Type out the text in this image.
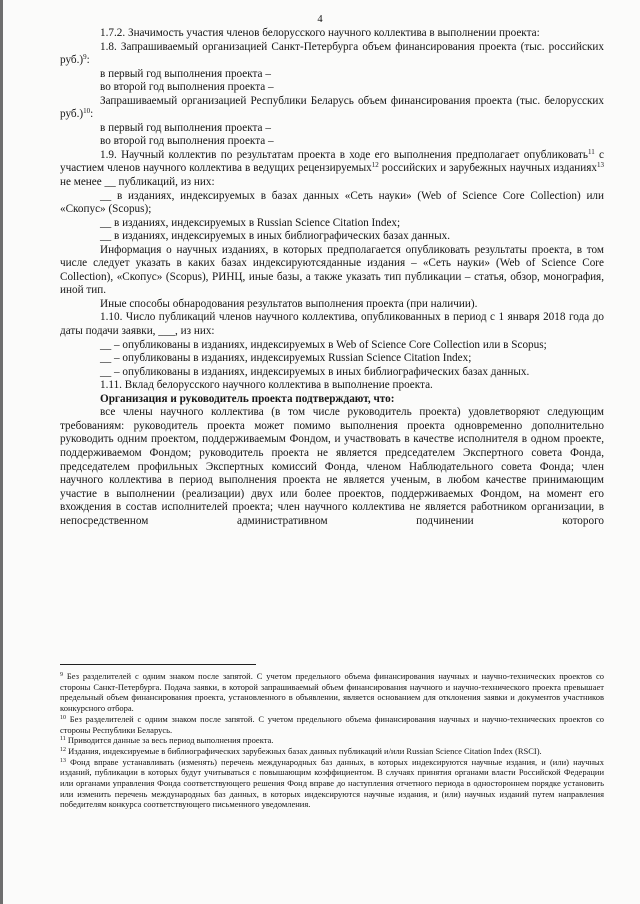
4

1.7.2. Значимость участия членов белорусского научного коллектива в выполнении проекта:

1.8. Запрашиваемый организацией Санкт-Петербурга объем финансирования проекта (тыс. российских руб.)$^9$:

в первый год выполнения проекта –

во второй год выполнения проекта –

Запрашиваемый организацией Республики Беларусь объем финансирования проекта (тыс. белорусских руб.)$^{10}$:

в первый год выполнения проекта –

во второй год выполнения проекта –

1.9. Научный коллектив по результатам проекта в ходе его выполнения предполагает опубликовать$^{11}$ с участием членов научного коллектива в ведущих рецензируемых$^{12}$ российских и зарубежных научных изданиях$^{13}$ не менее __ публикаций, из них:

__ в изданиях, индексируемых в базах данных «Сеть науки» (Web of Science Core Collection) или «Скопус» (Scopus);

__ в изданиях, индексируемых в Russian Science Citation Index;

__ в изданиях, индексируемых в иных библиографических базах данных.

Информация о научных изданиях, в которых предполагается опубликовать результаты проекта, в том числе следует указать в каких базах индексируютсяданные издания – «Сеть науки» (Web of Science Core Collection), «Скопус» (Scopus), РИНЦ, иные базы, а также указать тип публикации – статья, обзор, монография, иной тип.

Иные способы обнародования результатов выполнения проекта (при наличии).

1.10. Число публикаций членов научного коллектива, опубликованных в период с 1 января 2018 года до даты подачи заявки, ___, из них:

__ – опубликованы в изданиях, индексируемых в Web of Science Core Collection или в Scopus;

__ – опубликованы в изданиях, индексируемых Russian Science Citation Index;

__ – опубликованы в изданиях, индексируемых в иных библиографических базах данных.

1.11. Вклад белорусского научного коллектива в выполнение проекта.

Организация и руководитель проекта подтверждают, что:

все члены научного коллектива (в том числе руководитель проекта) удовлетворяют следующим требованиям: руководитель проекта может помимо выполнения проекта одновременно дополнительно руководить одним проектом, поддерживаемым Фондом, и участвовать в качестве исполнителя в одном проекте, поддерживаемом Фондом; руководитель проекта не является председателем Экспертного совета Фонда, председателем профильных Экспертных комиссий Фонда, членом Наблюдательного совета Фонда; член научного коллектива в период выполнения проекта не является ученым, в любом качестве принимающим участие в выполнении (реализации) двух или более проектов, поддерживаемых Фондом, на момент его вхождения в состав исполнителей проекта; член научного коллектива не является работником организации, в непосредственном административном подчинении которого

$^9$ Без разделителей с одним знаком после запятой. С учетом предельного объема финансирования научных и научно-технических проектов со стороны Санкт-Петербурга. Подача заявки, в которой запрашиваемый объем финансирования научного и научно-технического проекта превышает предельный объем финансирования проекта, установленного в объявлении, является основанием для отклонения заявки и документов участников конкурсного отбора.

$^{10}$ Без разделителей с одним знаком после запятой. С учетом предельного объема финансирования научных и научно-технических проектов со стороны Республики Беларусь.

$^{11}$ Приводится данные за весь период выполнения проекта.

$^{12}$ Издания, индексируемые в библиографических зарубежных базах данных публикаций и/или Russian Science Citation Index (RSCI).

$^{13}$ Фонд вправе устанавливать (изменять) перечень международных баз данных, в которых индексируются научные издания, и (или) научных изданий, публикации в которых будут учитываться с повышающим коэффициентом. В случаях принятия органами власти Российской Федерации или органами управления Фонда соответствующего решения Фонд вправе до наступления отчетного периода в одностороннем порядке установить или изменить перечень международных баз данных, в которых индексируются научные издания, и (или) научных изданий путем направления победителям конкурса соответствующего письменного уведомления.
